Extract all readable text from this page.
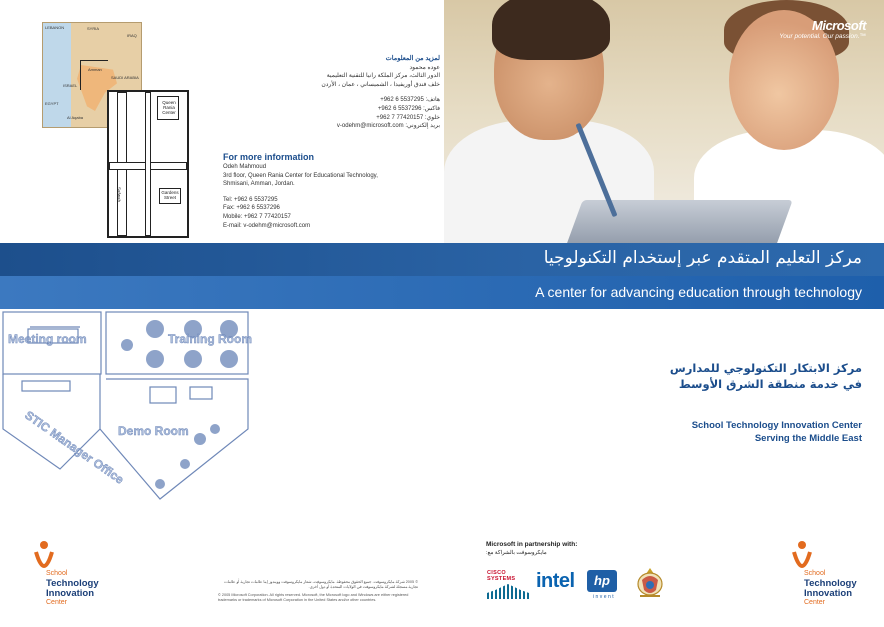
LEBANON	SYRIA
IRAQ
ISRAEL
Amman
SAUDI ARABIA
EGYPT
Al Aqaba
Queen Rania Center
Gardens Street
Safwah
لمزيد من المعلومات
عوده محمود
الدور الثالث، مركز الملكة رانيا للتقنية التعليمية
خلف فندق أوريفيدا ، الشميساني ، عمان ، الأردن
هاتف: 5537295 6 962+
فاكس: 5537296 6 962+
خلوي: 77420157 7 962+
بريد إلكتروني: v-odehm@microsoft.com
For more information
Odeh Mahmoud
3rd floor, Queen Rania Center for Educational Technology,
Shmisani, Amman, Jordan.
Tel: +962 6 5537295
Fax: +962 6 5537296
Mobile: +962 7 77420157
E-mail: v-odehm@microsoft.com
Microsoft
Your potential. Our passion.™
مركز التعليم المتقدم عبر إستخدام التكنولوجيا
A center for advancing education through technology
Meeting room	Training Room
STIC Manager Office
Demo Room
مركز الابتكار التكنولوجي للمدارس
في خدمة منطقة الشرق الأوسط
School Technology Innovation Center
Serving the Middle East
School
Technology
Innovation
Center
School
Technology
Innovation
Center
© 2005 شركة مايكروسوفت. جميع الحقوق محفوظة. مايكروسوفت، شعار مايكروسوفت وويندوز إما علامات تجارية أو علامات تجارية مسجلة لشركة مايكروسوفت في الولايات المتحدة أو دول أخرى.
© 2005 Microsoft Corporation. All rights reserved. Microsoft, the Microsoft logo and Windows are either registered trademarks or trademarks of Microsoft Corporation in the United States and/or other countries.
Microsoft in partnership with:
مايكروسوفت بالشراكة مع:
CISCO SYSTEMS	intel	hp
invent
